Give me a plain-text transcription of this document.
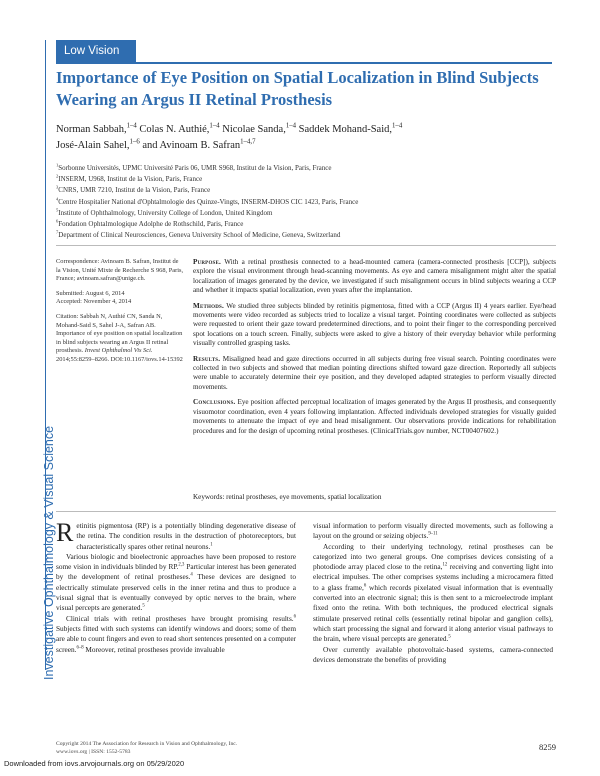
Low Vision
Investigative Ophthalmology & Visual Science
Importance of Eye Position on Spatial Localization in Blind Subjects Wearing an Argus II Retinal Prosthesis
Norman Sabbah,$^{1-4}$ Colas N. Authié,$^{1-4}$ Nicolae Sanda,$^{1-4}$ Saddek Mohand-Said,$^{1-4}$
José-Alain Sahel,$^{1-6}$ and Avinoam B. Safran$^{1-4,7}$
$^1$Sorbonne Universités, UPMC Université Paris 06, UMR S968, Institut de la Vision, Paris, France
$^2$INSERM, U968, Institut de la Vision, Paris, France
$^3$CNRS, UMR 7210, Institut de la Vision, Paris, France
$^4$Centre Hospitalier National d'Ophtalmologie des Quinze-Vingts, INSERM-DHOS CIC 1423, Paris, France
$^5$Institute of Ophthalmology, University College of London, United Kingdom
$^6$Fondation Ophtalmologique Adolphe de Rothschild, Paris, France
$^7$Department of Clinical Neurosciences, Geneva University School of Medicine, Geneva, Switzerland

Correspondence: Avinoam B. Safran, Institut de la Vision, Unité Mixte de Recherche S 968, Paris, France; avinoam.safran@unige.ch.

Submitted: August 6, 2014
Accepted: November 4, 2014

Citation: Sabbah N, Authié CN, Sanda N, Mohand-Said S, Sahel J-A, Safran AB. Importance of eye position on spatial localization in blind subjects wearing an Argus II retinal prosthesis. Invest Ophthalmol Vis Sci. 2014;55:8259–8266. DOI:10.1167/iovs.14-15392

Purpose. With a retinal prosthesis connected to a head-mounted camera (camera-connected prosthesis [CCP]), subjects explore the visual environment through head-scanning movements. As eye and camera misalignment might alter the spatial localization of images generated by the device, we investigated if such misalignment occurs in blind subjects wearing a CCP and whether it impacts spatial localization, even years after the implantation.

Methods. We studied three subjects blinded by retinitis pigmentosa, fitted with a CCP (Argus II) 4 years earlier. Eye/head movements were video recorded as subjects tried to localize a visual target. Pointing coordinates were collected as subjects were requested to orient their gaze toward predetermined directions, and to point their finger to the corresponding perceived spot locations on a touch screen. Finally, subjects were asked to give a history of their everyday behavior while performing visually controlled grasping tasks.

Results. Misaligned head and gaze directions occurred in all subjects during free visual search. Pointing coordinates were collected in two subjects and showed that median pointing directions shifted toward gaze direction. Reportedly all subjects were unable to accurately determine their eye position, and they developed adapted strategies to perform visually directed movements.

Conclusions. Eye position affected perceptual localization of images generated by the Argus II prosthesis, and consequently visuomotor coordination, even 4 years following implantation. Affected individuals developed strategies for visually guided movements to attenuate the impact of eye and head misalignment. Our observations provide indications for rehabilitation procedures and for the design of upcoming retinal prostheses. (ClinicalTrials.gov number, NCT00407602.)

Keywords: retinal prostheses, eye movements, spatial localization

Retinitis pigmentosa (RP) is a potentially blinding degenerative disease of the retina. The condition results in the destruction of photoreceptors, but characteristically spares other retinal neurons.$^1$

Various biologic and bioelectronic approaches have been proposed to restore some vision in individuals blinded by RP.$^{2,3}$ Particular interest has been generated by the development of retinal prostheses.$^4$ These devices are designed to electrically stimulate preserved cells in the inner retina and thus to produce a visual signal that is eventually conveyed by optic nerves to the brain, where visual percepts are generated.$^5$

Clinical trials with retinal prostheses have brought promising results.$^6$ Subjects fitted with such systems can identify windows and doors; some of them are able to count fingers and even to read short sentences presented on a computer screen.$^{6-8}$ Moreover, retinal prostheses provide invaluable

visual information to perform visually directed movements, such as following a layout on the ground or seizing objects.$^{9-11}$

According to their underlying technology, retinal prostheses can be categorized into two general groups. One comprises devices consisting of a photodiode array placed close to the retina,$^{12}$ receiving and converting light into electrical impulses. The other comprises systems including a microcamera fitted to a glass frame,$^6$ which records pixelated visual information that is eventually converted into an electronic signal; this is then sent to a microelectrode implant fixed onto the retina. With both techniques, the produced electrical signals stimulate preserved retinal cells (essentially retinal bipolar and ganglion cells), which start processing the signal and forward it along anterior visual pathways to the brain, where visual percepts are generated.$^5$

Over currently available photovoltaic-based systems, camera-connected devices demonstrate the benefits of providing

Copyright 2014 The Association for Research in Vision and Ophthalmology, Inc.
www.iovs.org | ISSN: 1552-5783	8259
Downloaded from iovs.arvojournals.org on 05/29/2020
